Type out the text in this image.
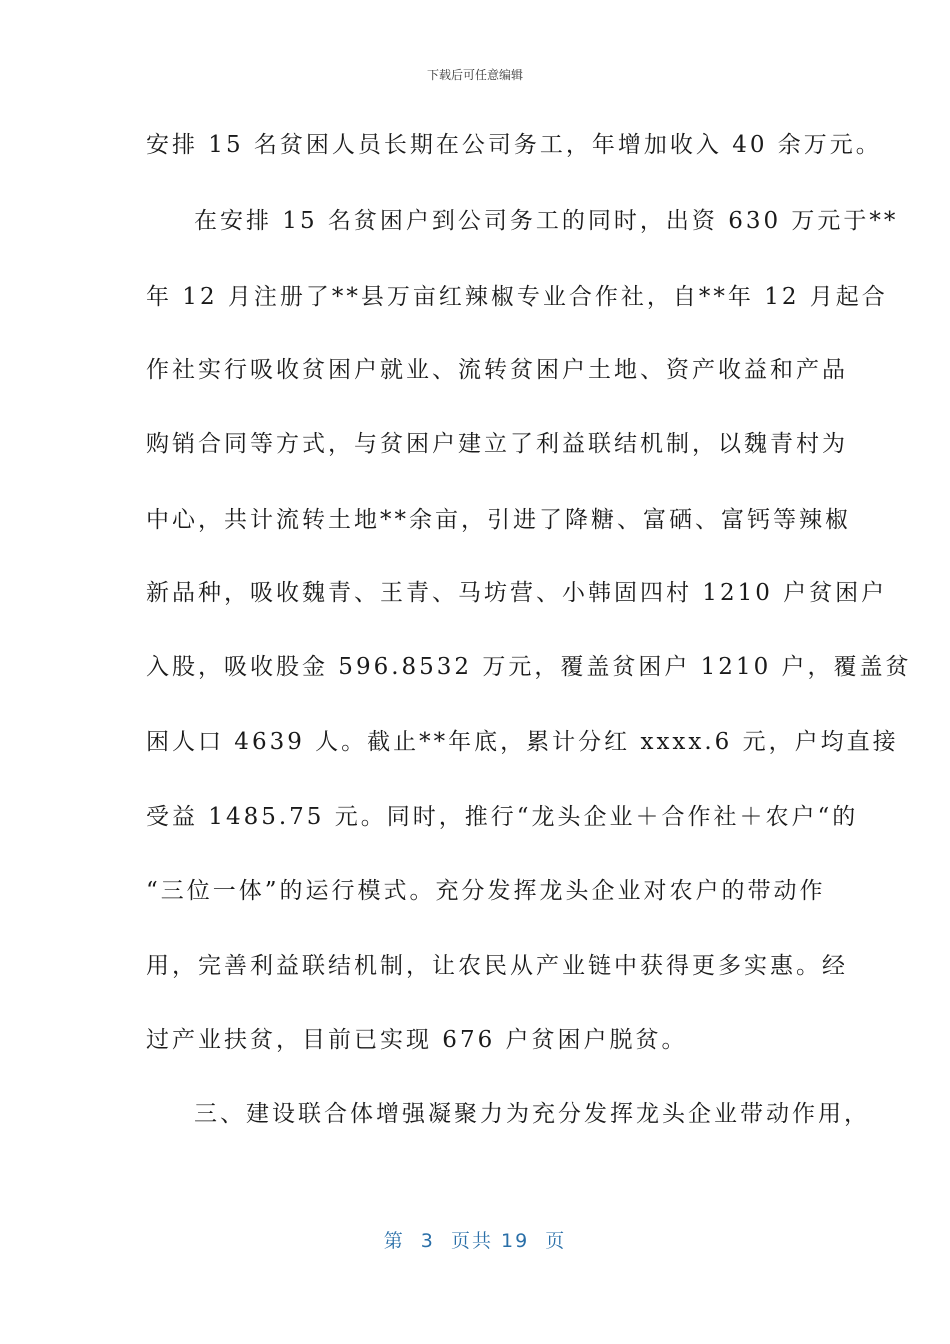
下载后可任意编辑
安排 15 名贫困人员长期在公司务工，年增加收入 40 余万元。
在安排 15 名贫困户到公司务工的同时，出资 630 万元于**
年 12 月注册了**县万亩红辣椒专业合作社，自**年 12 月起合
作社实行吸收贫困户就业、流转贫困户土地、资产收益和产品
购销合同等方式，与贫困户建立了利益联结机制，以魏青村为
中心，共计流转土地**余亩，引进了降糖、富硒、富钙等辣椒
新品种，吸收魏青、王青、马坊营、小韩固四村 1210 户贫困户
入股，吸收股金 596.8532 万元，覆盖贫困户 1210 户，覆盖贫
困人口 4639 人。截止**年底，累计分红 xxxx.6 元，户均直接
受益 1485.75 元。同时，推行“龙头企业＋合作社＋农户“的
“三位一体”的运行模式。充分发挥龙头企业对农户的带动作
用，完善利益联结机制，让农民从产业链中获得更多实惠。经
过产业扶贫，目前已实现 676 户贫困户脱贫。
三、建设联合体增强凝聚力为充分发挥龙头企业带动作用，
第  3  页共 19  页
